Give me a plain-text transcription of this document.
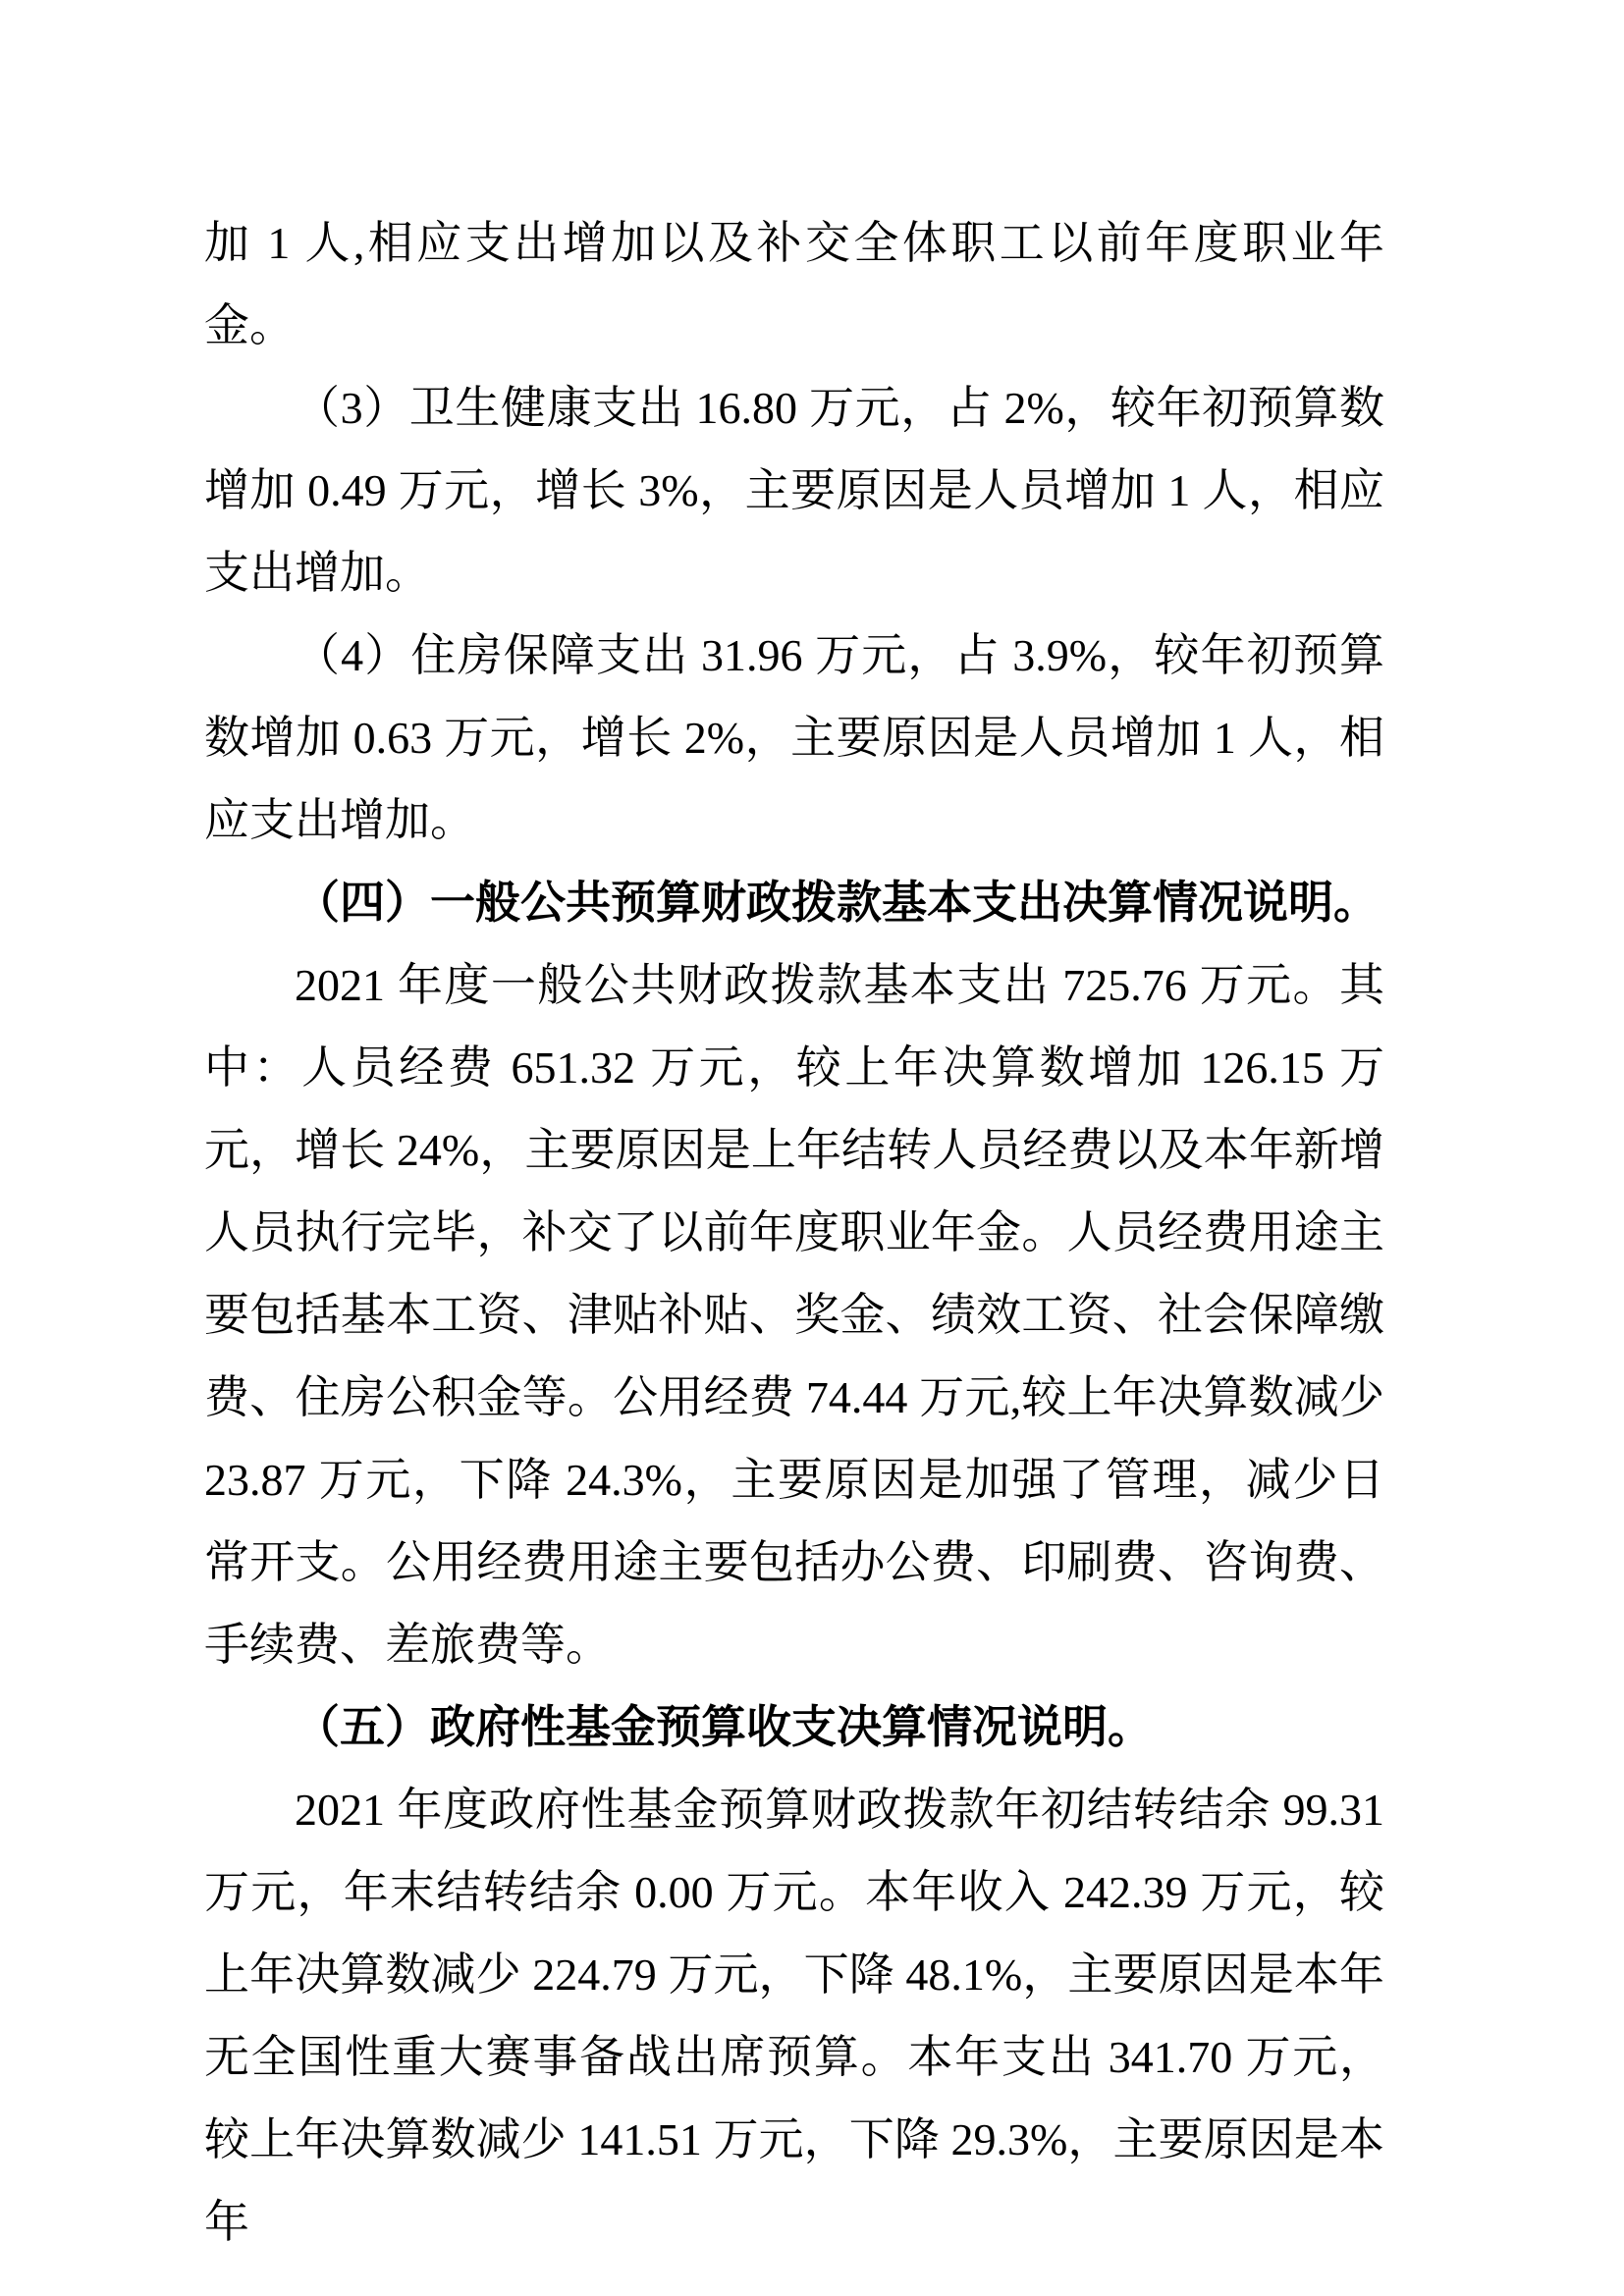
加 1 人,相应支出增加以及补交全体职工以前年度职业年金。

（3）卫生健康支出 16.80 万元，占 2%，较年初预算数增加 0.49 万元，增长 3%，主要原因是人员增加 1 人，相应支出增加。

（4）住房保障支出 31.96 万元，占 3.9%，较年初预算数增加 0.63 万元，增长 2%，主要原因是人员增加 1 人，相应支出增加。

（四）一般公共预算财政拨款基本支出决算情况说明。

2021 年度一般公共财政拨款基本支出 725.76 万元。其中：人员经费 651.32 万元，较上年决算数增加 126.15 万元，增长 24%，主要原因是上年结转人员经费以及本年新增人员执行完毕，补交了以前年度职业年金。人员经费用途主要包括基本工资、津贴补贴、奖金、绩效工资、社会保障缴费、住房公积金等。公用经费 74.44 万元,较上年决算数减少 23.87 万元，下降 24.3%，主要原因是加强了管理，减少日常开支。公用经费用途主要包括办公费、印刷费、咨询费、手续费、差旅费等。

（五）政府性基金预算收支决算情况说明。

2021 年度政府性基金预算财政拨款年初结转结余 99.31 万元，年末结转结余 0.00 万元。本年收入 242.39 万元，较上年决算数减少 224.79 万元，下降 48.1%，主要原因是本年无全国性重大赛事备战出席预算。本年支出 341.70 万元，较上年决算数减少 141.51 万元，下降 29.3%，主要原因是本年
